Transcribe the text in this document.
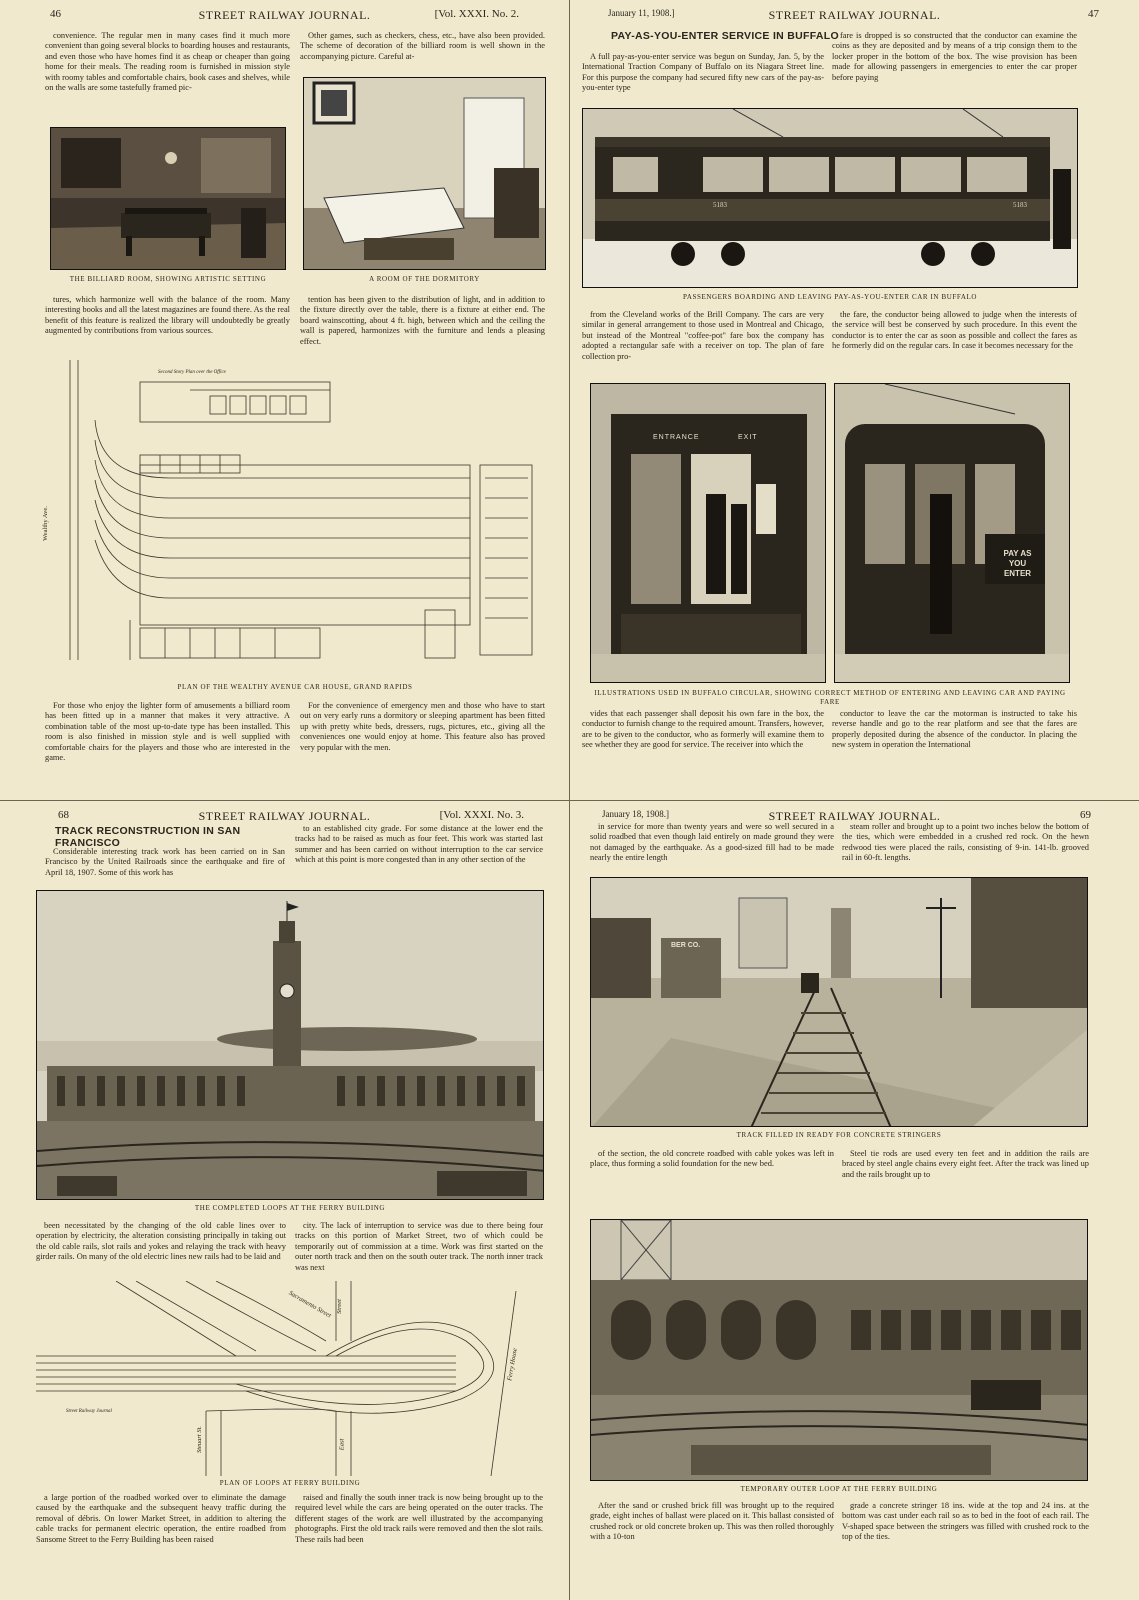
46	STREET RAILWAY JOURNAL.	[Vol. XXXI. No. 2.
convenience. The regular men in many cases find it much more convenient than going several blocks to boarding houses and restaurants, and even those who have homes find it as cheap or cheaper than going home for their meals. The reading room is furnished in mission style with roomy tables and comfortable chairs, book cases and shelves, while on the walls are some tastefully framed pic-
Other games, such as checkers, chess, etc., have also been provided. The scheme of decoration of the billiard room is well shown in the accompanying picture. Careful at-
THE BILLIARD ROOM, SHOWING ARTISTIC SETTING	A ROOM OF THE DORMITORY
tures, which harmonize well with the balance of the room. Many interesting books and all the latest magazines are found there. As the real benefit of this feature is realized the library will undoubtedly be greatly augmented by contributions from various sources.
tention has been given to the distribution of light, and in addition to the fixture directly over the table, there is a fixture at either end. The board wainscotting, about 4 ft. high, between which and the ceiling the wall is papered, harmonizes with the furniture and lends a pleasing effect.
Second Story Plan over the Office
Wealthy Ave.
PLAN OF THE WEALTHY AVENUE CAR HOUSE, GRAND RAPIDS
For those who enjoy the lighter form of amusements a billiard room has been fitted up in a manner that makes it very attractive. A combination table of the most up-to-date type has been installed. This room is also finished in mission style and is well supplied with comfortable chairs for the players and those who are interested in the game.
For the convenience of emergency men and those who have to start out on very early runs a dormitory or sleeping apartment has been fitted up with pretty white beds, dressers, rugs, pictures, etc., giving all the conveniences one would enjoy at home. This feature also has proved very popular with the men.
January 11, 1908.]	STREET RAILWAY JOURNAL.	47
PAY-AS-YOU-ENTER SERVICE IN BUFFALO
A full pay-as-you-enter service was begun on Sunday, Jan. 5, by the International Traction Company of Buffalo on its Niagara Street line. For this purpose the company had secured fifty new cars of the pay-as-you-enter type
fare is dropped is so constructed that the conductor can examine the coins as they are deposited and by means of a trip consign them to the locker proper in the bottom of the box. The wise provision has been made for allowing passengers in emergencies to enter the car proper before paying
5183	5183
PASSENGERS BOARDING AND LEAVING PAY-AS-YOU-ENTER CAR IN BUFFALO
from the Cleveland works of the Brill Company. The cars are very similar in general arrangement to those used in Montreal and Chicago, but instead of the Montreal "coffee-pot" fare box the company has adopted a rectangular safe with a receiver on top. The plan of fare collection pro-
the fare, the conductor being allowed to judge when the interests of the service will best be conserved by such procedure. In this event the conductor is to enter the car as soon as possible and collect the fares as he formerly did on the regular cars. In case it becomes necessary for the
ENTRANCE	EXIT
PAY AS
YOU ENTER
ILLUSTRATIONS USED IN BUFFALO CIRCULAR, SHOWING CORRECT METHOD OF ENTERING AND LEAVING CAR AND PAYING FARE
vides that each passenger shall deposit his own fare in the box, the conductor to furnish change to the required amount. Transfers, however, are to be given to the conductor, who as formerly will examine them to see whether they are good for service. The receiver into which the
conductor to leave the car the motorman is instructed to take his reverse handle and go to the rear platform and see that the fares are properly deposited during the absence of the conductor. In placing the new system in operation the International
68	STREET RAILWAY JOURNAL.	[Vol. XXXI. No. 3.
TRACK RECONSTRUCTION IN SAN FRANCISCO
Considerable interesting track work has been carried on in San Francisco by the United Railroads since the earthquake and fire of April 18, 1907. Some of this work has
to an established city grade. For some distance at the lower end the tracks had to be raised as much as four feet. This work was started last summer and has been carried on without interruption to the car service which at this point is more congested than in any other section of the
THE COMPLETED LOOPS AT THE FERRY BUILDING
been necessitated by the changing of the old cable lines over to operation by electricity, the alteration consisting principally in taking out the old cable rails, slot rails and yokes and relaying the track with heavy girder rails. On many of the old electric lines new rails had to be laid and
city. The lack of interruption to service was due to there being four tracks on this portion of Market Street, two of which could be temporarily out of commission at a time. Work was first started on the outer north track and then on the south outer track. The north inner track was next
Sacramento Street Street
Ferry House
East
Steuart St.
Street Railway Journal
PLAN OF LOOPS AT FERRY BUILDING
a large portion of the roadbed worked over to eliminate the damage caused by the earthquake and the subsequent heavy traffic during the removal of débris. On lower Market Street, in addition to altering the cable tracks for permanent electric operation, the entire roadbed from Sansome Street to the Ferry Building has been raised
raised and finally the south inner track is now being brought up to the required level while the cars are being operated on the outer tracks. The different stages of the work are well illustrated by the accompanying photographs. First the old track rails were removed and then the slot rails. These rails had been
January 18, 1908.]	STREET RAILWAY JOURNAL.	69
in service for more than twenty years and were so well secured in a solid roadbed that even though laid entirely on made ground they were not damaged by the earthquake. As a good-sized fill had to be made nearly the entire length
steam roller and brought up to a point two inches below the bottom of the ties, which were embedded in a crushed red rock. On the hewn redwood ties were placed the rails, consisting of 9-in. 141-lb. grooved rail in 60-ft. lengths.
BER CO.
TRACK FILLED IN READY FOR CONCRETE STRINGERS
of the section, the old concrete roadbed with cable yokes was left in place, thus forming a solid foundation for the new bed.
Steel tie rods are used every ten feet and in addition the rails are braced by steel angle chains every eight feet. After the track was lined up and the rails brought up to
TEMPORARY OUTER LOOP AT THE FERRY BUILDING
After the sand or crushed brick fill was brought up to the required grade, eight inches of ballast were placed on it. This ballast consisted of crushed rock or old concrete broken up. This was then rolled thoroughly with a 10-ton
grade a concrete stringer 18 ins. wide at the top and 24 ins. at the bottom was cast under each rail so as to bed in the foot of each rail. The V-shaped space between the stringers was filled with crushed rock to the top of the ties.
